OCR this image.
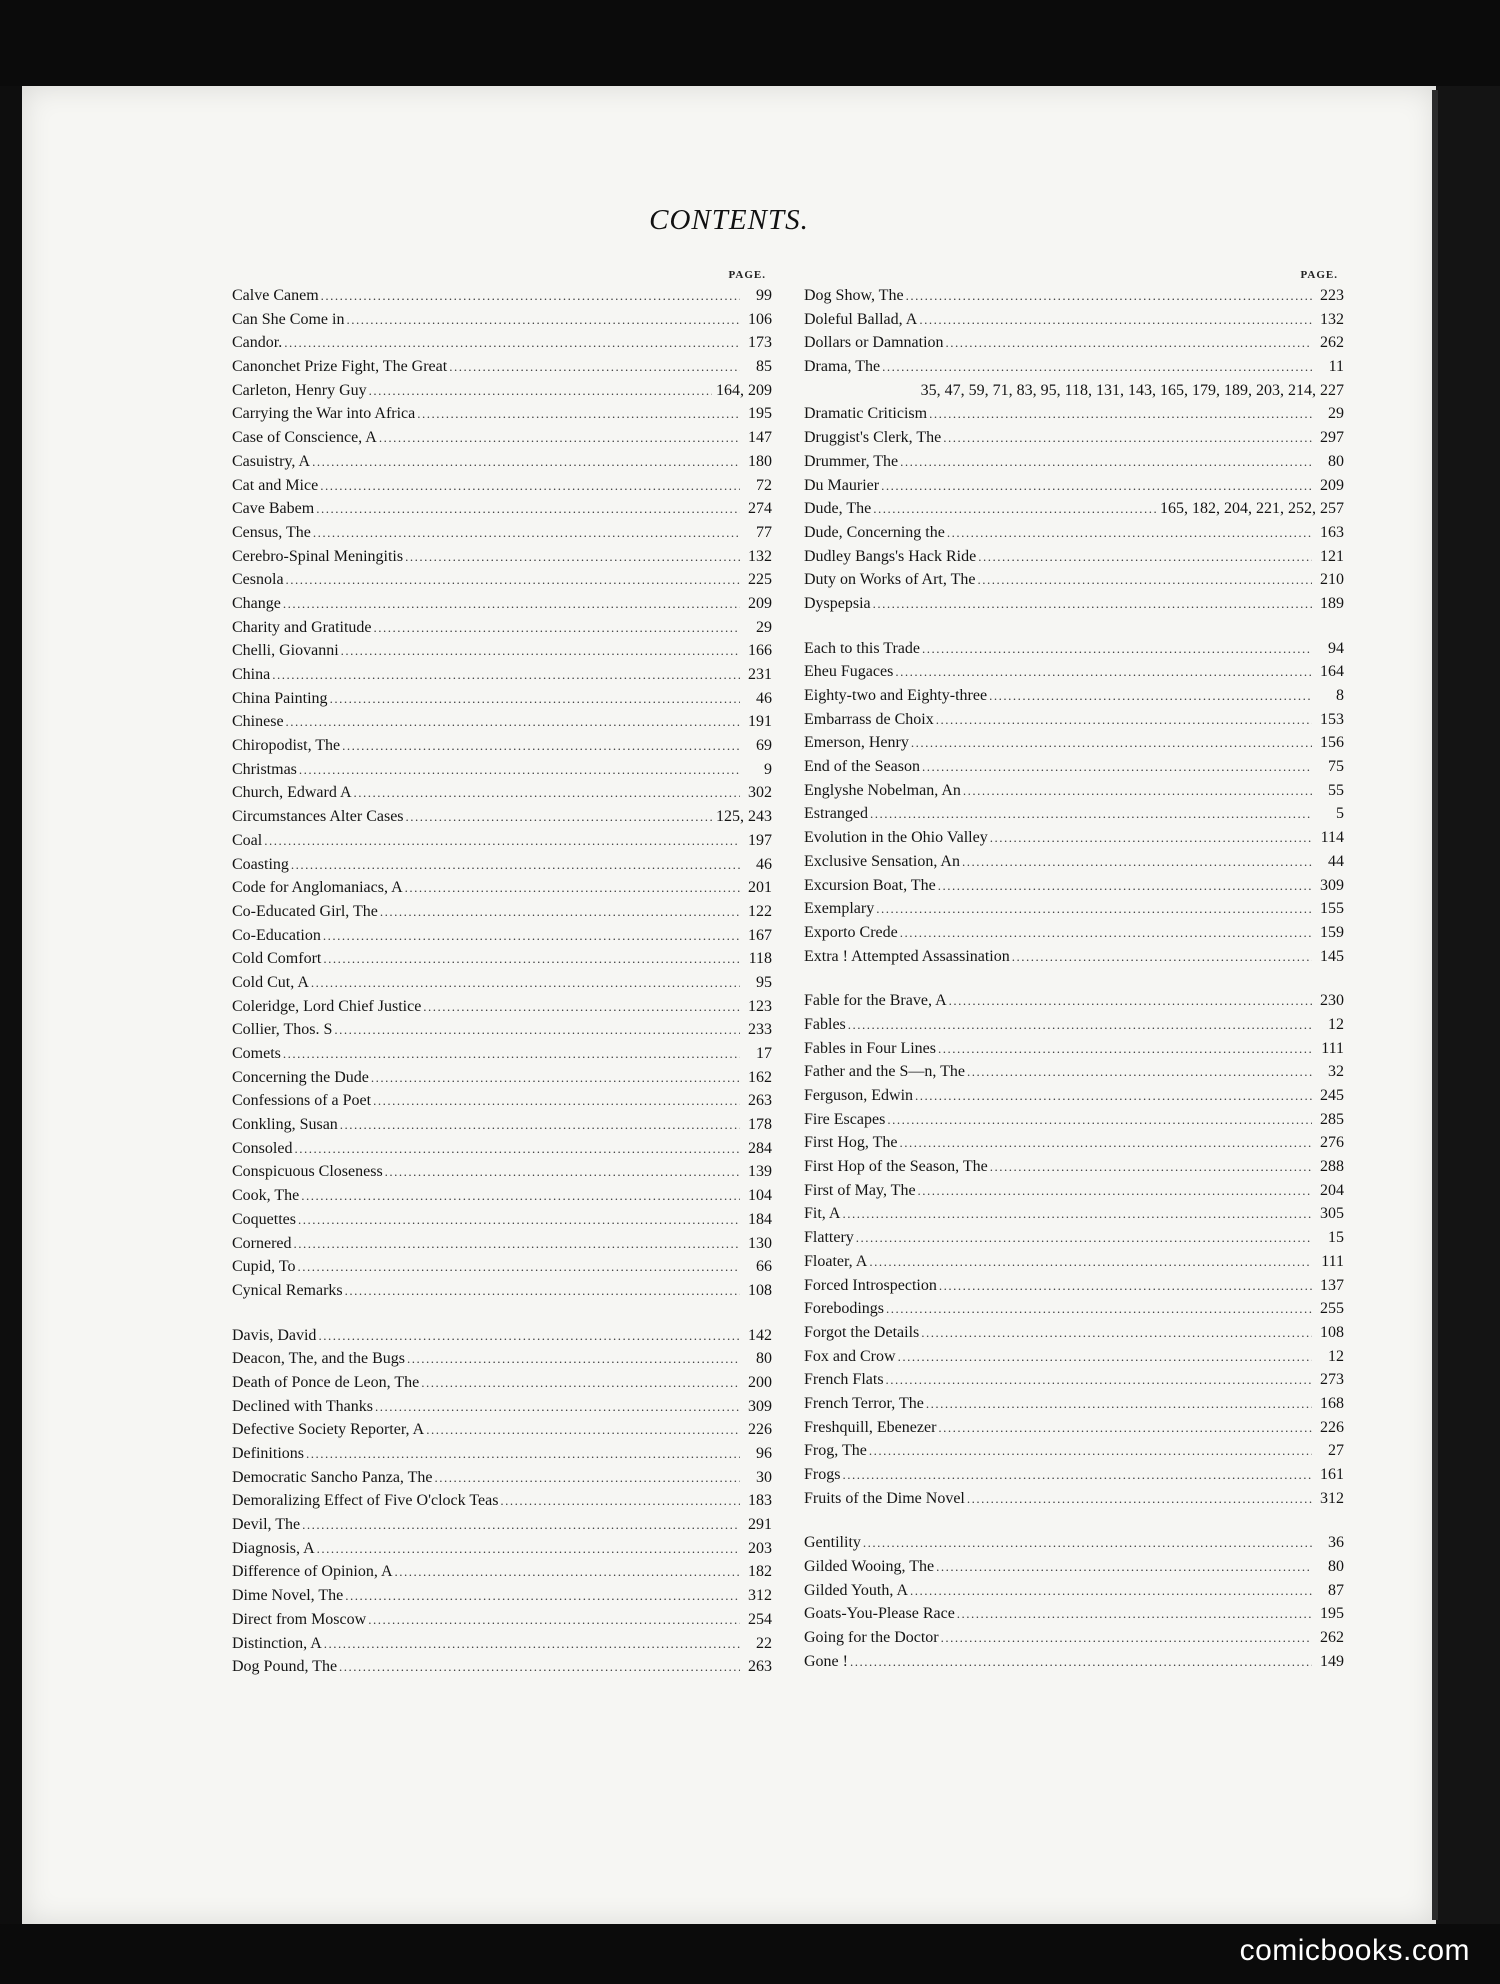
CONTENTS.
PAGE.
Calve Canem .....	99
Can She Come in .....	106
Candor. .....	173
Canonchet Prize Fight, The Great .....	85
Carleton, Henry Guy .....	164, 209
Carrying the War into Africa .....	195
Case of Conscience, A .....	147
Casuistry, A .....	180
Cat and Mice .....	72
Cave Babem .....	274
Census, The .....	77
Cerebro-Spinal Meningitis .....	132
Cesnola .....	225
Change .....	209
Charity and Gratitude .....	29
Chelli, Giovanni .....	166
China .....	231
China Painting .....	46
Chinese .....	191
Chiropodist, The .....	69
Christmas .....	9
Church, Edward A .....	302
Circumstances Alter Cases .....	125, 243
Coal .....	197
Coasting .....	46
Code for Anglomaniacs, A .....	201
Co-Educated Girl, The .....	122
Co-Education .....	167
Cold Comfort .....	118
Cold Cut, A .....	95
Coleridge, Lord Chief Justice .....	123
Collier, Thos. S .....	233
Comets .....	17
Concerning the Dude .....	162
Confessions of a Poet .....	263
Conkling, Susan .....	178
Consoled .....	284
Conspicuous Closeness .....	139
Cook, The .....	104
Coquettes .....	184
Cornered .....	130
Cupid, To .....	66
Cynical Remarks .....	108
Davis, David .....	142
Deacon, The, and the Bugs .....	80
Death of Ponce de Leon, The .....	200
Declined with Thanks .....	309
Defective Society Reporter, A .....	226
Definitions .....	96
Democratic Sancho Panza, The .....	30
Demoralizing Effect of Five O'clock Teas .....	183
Devil, The .....	291
Diagnosis, A .....	203
Difference of Opinion, A .....	182
Dime Novel, The .....	312
Direct from Moscow .....	254
Distinction, A .....	22
Dog Pound, The .....	263
PAGE.
Dog Show, The .....	223
Doleful Ballad, A .....	132
Dollars or Damnation .....	262
Drama, The .....	11
35, 47, 59, 71, 83, 95, 118, 131, 143, 165, 179, 189, 203, 214, 227
Dramatic Criticism .....	29
Druggist's Clerk, The .....	297
Drummer, The .....	80
Du Maurier .....	209
Dude, The .....	165, 182, 204, 221, 252, 257
Dude, Concerning the .....	163
Dudley Bangs's Hack Ride .....	121
Duty on Works of Art, The .....	210
Dyspepsia .....	189
Each to this Trade .....	94
Eheu Fugaces .....	164
Eighty-two and Eighty-three .....	8
Embarrass de Choix .....	153
Emerson, Henry .....	156
End of the Season .....	75
Englyshe Nobelman, An .....	55
Estranged .....	5
Evolution in the Ohio Valley .....	114
Exclusive Sensation, An .....	44
Excursion Boat, The .....	309
Exemplary .....	155
Exporto Crede .....	159
Extra ! Attempted Assassination .....	145
Fable for the Brave, A .....	230
Fables .....	12
Fables in Four Lines .....	111
Father and the S—n, The .....	32
Ferguson, Edwin .....	245
Fire Escapes .....	285
First Hog, The .....	276
First Hop of the Season, The .....	288
First of May, The .....	204
Fit, A .....	305
Flattery .....	15
Floater, A .....	111
Forced Introspection .....	137
Forebodings .....	255
Forgot the Details .....	108
Fox and Crow .....	12
French Flats .....	273
French Terror, The .....	168
Freshquill, Ebenezer .....	226
Frog, The .....	27
Frogs .....	161
Fruits of the Dime Novel .....	312
Gentility .....	36
Gilded Wooing, The .....	80
Gilded Youth, A .....	87
Goats-You-Please Race .....	195
Going for the Doctor .....	262
Gone ! .....	149
comicbooks.com
